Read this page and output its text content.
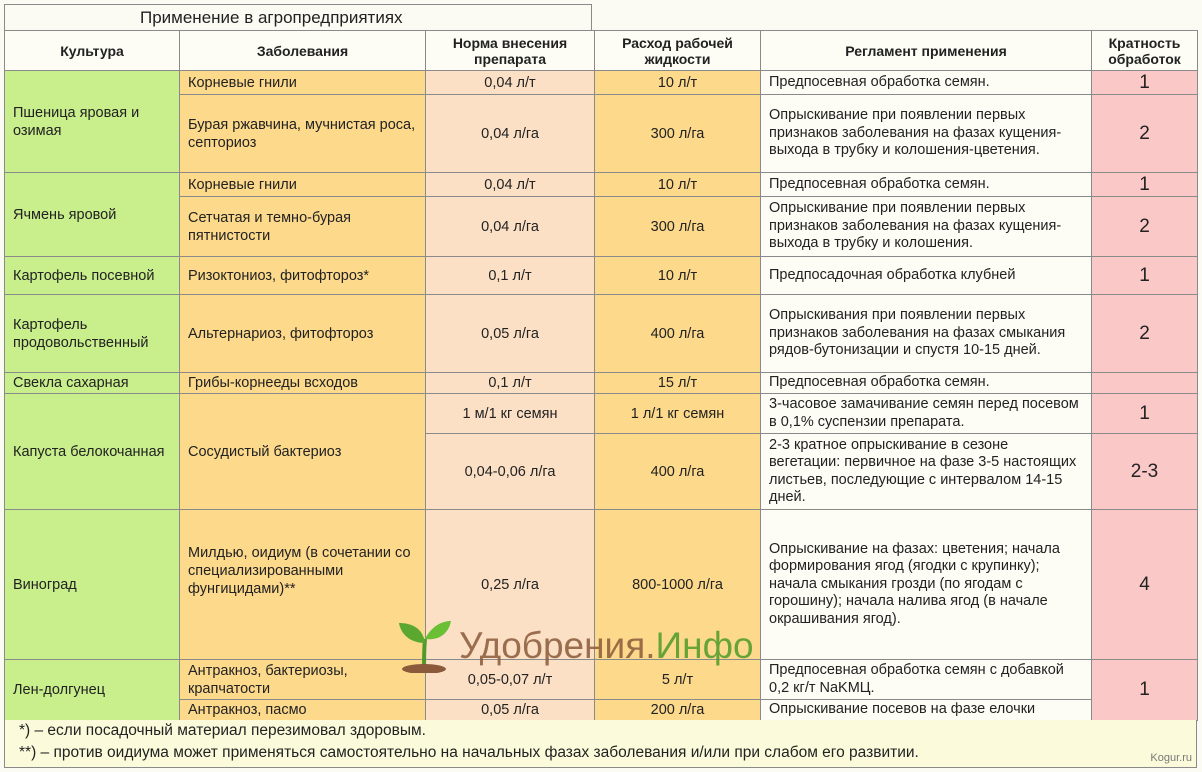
Применение в агропредприятиях
Культура	Заболевания	Норма внесения препарата	Расход рабочей жидкости	Регламент применения	Кратность обработок
Пшеница яровая и озимая	Корневые гнили	0,04 л/т	10 л/т	Предпосевная обработка семян.	1
	Бурая ржавчина, мучнистая роса, септориоз	0,04 л/га	300 л/га	Опрыскивание при появлении первых признаков заболевания на фазах кущения-выхода в трубку и колошения-цветения.	2
Ячмень яровой	Корневые гнили	0,04 л/т	10 л/т	Предпосевная обработка семян.	1
	Сетчатая и темно-бурая пятнистости	0,04 л/га	300 л/га	Опрыскивание при появлении первых признаков заболевания на фазах кущения-выхода в трубку и колошения.	2
Картофель посевной	Ризоктониоз, фитофтороз*	0,1 л/т	10 л/т	Предпосадочная обработка клубней	1
Картофель продовольственный	Альтернариоз, фитофтороз	0,05 л/га	400 л/га	Опрыскивания при появлении первых признаков заболевания на фазах смыкания рядов-бутонизации и спустя 10-15 дней.	2
Свекла сахарная	Грибы-корнееды всходов	0,1 л/т	15 л/т	Предпосевная обработка семян.	
Капуста белокочанная	Сосудистый бактериоз	1 м/1 кг семян	1 л/1 кг семян	3-часовое замачивание семян перед посевом в 0,1% суспензии препарата.	1
		0,04-0,06 л/га	400 л/га	2-3 кратное опрыскивание в сезоне вегетации: первичное на фазе 3-5 настоящих листьев, последующие с интервалом 14-15 дней.	2-3
Виноград	Милдью, оидиум (в сочетании со специализированными фунгицидами)**	0,25 л/га	800-1000 л/га	Опрыскивание на фазах: цветения; начала формирования ягод (ягодки с крупинку); начала смыкания грозди (по ягодам с горошину); начала налива ягод (в начале окрашивания ягод).	4
Лен-долгунец	Антракноз, бактериозы, крапчатости	0,05-0,07 л/т	5 л/т	Предпосевная обработка семян с добавкой 0,2 кг/т NaKMЦ.	1
	Антракноз, пасмо	0,05 л/га	200 л/га	Опрыскивание посевов на фазе елочки	
*) – если посадочный материал перезимовал здоровым.
**) – против оидиума может применяться самостоятельно на начальных фазах заболевания и/или при слабом его развитии.
Удобрения.Инфо
Kogur.ru
